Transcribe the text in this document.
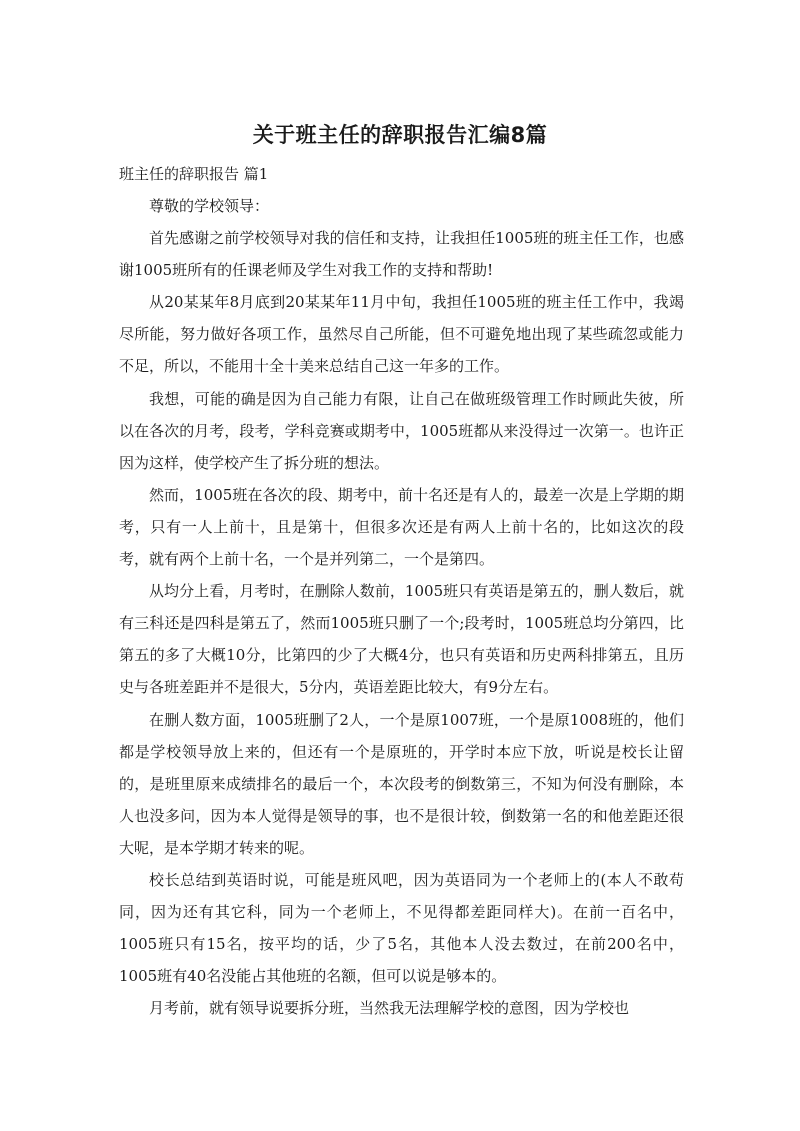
关于班主任的辞职报告汇编8篇
班主任的辞职报告 篇1

尊敬的学校领导：

首先感谢之前学校领导对我的信任和支持，让我担任1005班的班主任工作，也感谢1005班所有的任课老师及学生对我工作的支持和帮助!

从20某某年8月底到20某某年11月中旬，我担任1005班的班主任工作中，我竭尽所能，努力做好各项工作，虽然尽自己所能，但不可避免地出现了某些疏忽或能力不足，所以，不能用十全十美来总结自己这一年多的工作。

我想，可能的确是因为自己能力有限，让自己在做班级管理工作时顾此失彼，所以在各次的月考，段考，学科竞赛或期考中，1005班都从来没得过一次第一。也许正因为这样，使学校产生了拆分班的想法。

然而，1005班在各次的段、期考中，前十名还是有人的，最差一次是上学期的期考，只有一人上前十，且是第十，但很多次还是有两人上前十名的，比如这次的段考，就有两个上前十名，一个是并列第二，一个是第四。

从均分上看，月考时，在删除人数前，1005班只有英语是第五的，删人数后，就有三科还是四科是第五了，然而1005班只删了一个;段考时，1005班总均分第四，比第五的多了大概10分，比第四的少了大概4分，也只有英语和历史两科排第五，且历史与各班差距并不是很大，5分内，英语差距比较大，有9分左右。

在删人数方面，1005班删了2人，一个是原1007班，一个是原1008班的，他们都是学校领导放上来的，但还有一个是原班的，开学时本应下放，听说是校长让留的，是班里原来成绩排名的最后一个，本次段考的倒数第三，不知为何没有删除，本人也没多问，因为本人觉得是领导的事，也不是很计较，倒数第一名的和他差距还很大呢，是本学期才转来的呢。

校长总结到英语时说，可能是班风吧，因为英语同为一个老师上的(本人不敢苟同，因为还有其它科，同为一个老师上，不见得都差距同样大)。在前一百名中，1005班只有15名，按平均的话，少了5名，其他本人没去数过，在前200名中，1005班有40名没能占其他班的名额，但可以说是够本的。

月考前，就有领导说要拆分班，当然我无法理解学校的意图，因为学校也
